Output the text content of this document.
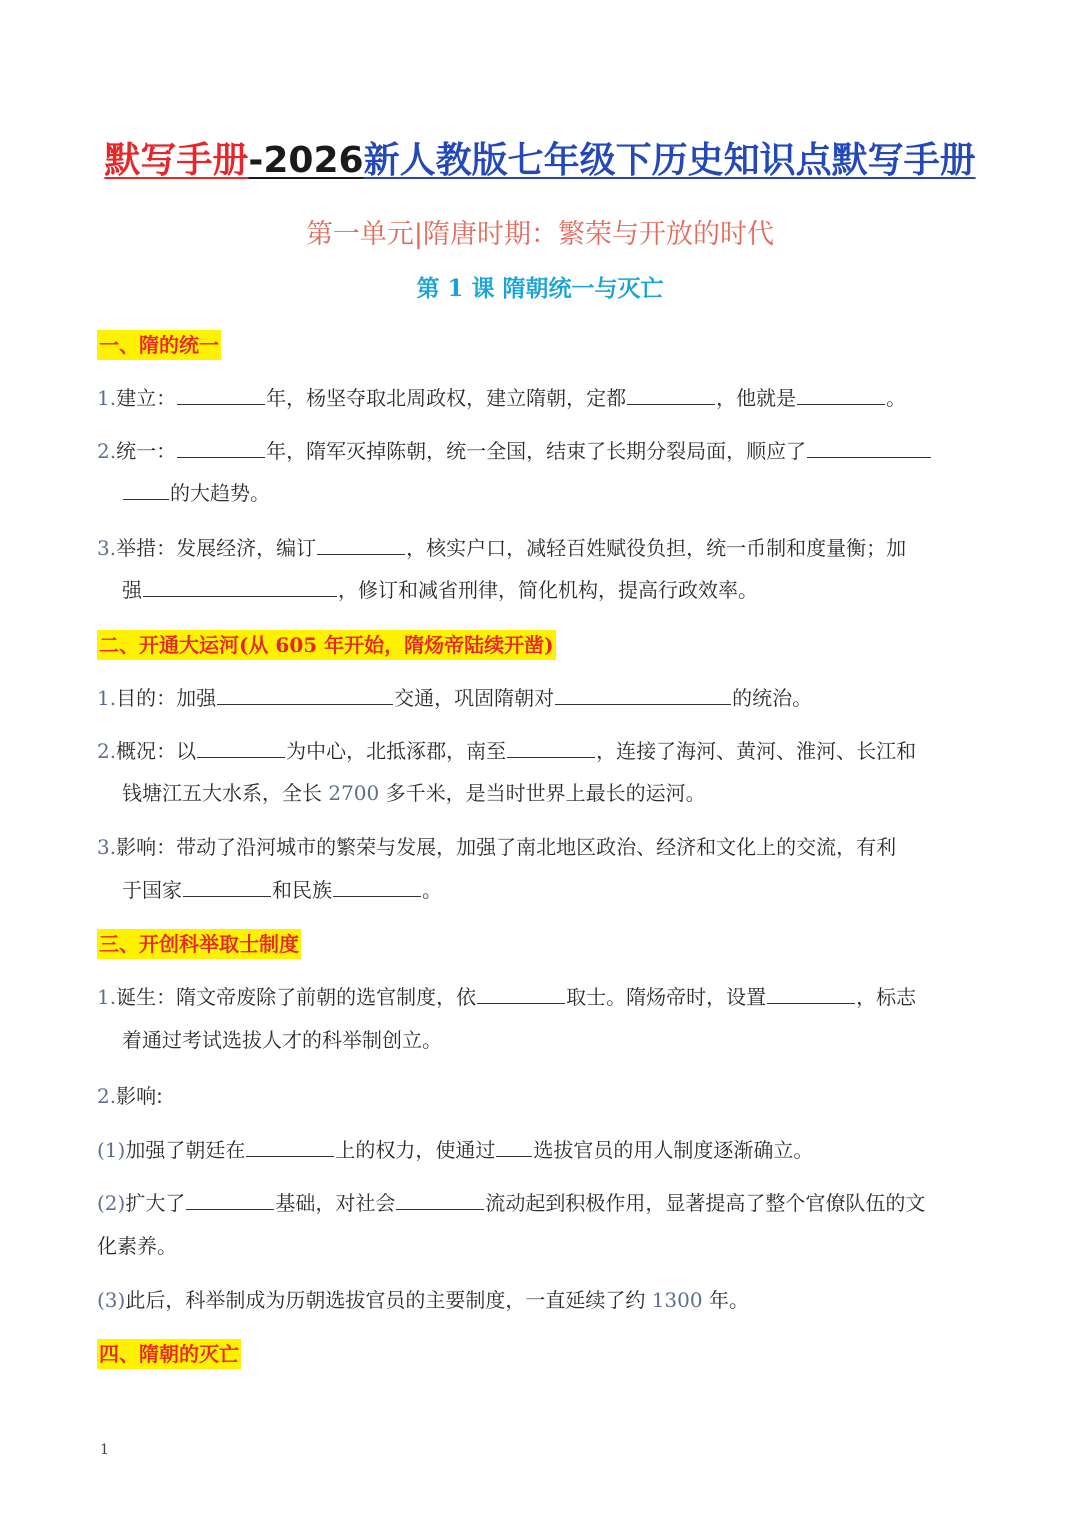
默写手册-2026新人教版七年级下历史知识点默写手册
第一单元|隋唐时期：繁荣与开放的时代
第 1 课 隋朝统一与灭亡
一、隋的统一
1.建立：	年，杨坚夺取北周政权，建立隋朝，定都	，他就是	。
2.统一：	年，隋军灭掉陈朝，统一全国，结束了长期分裂局面，顺应了
的大趋势。
3.举措：发展经济，编订	，核实户口，减轻百姓赋役负担，统一币制和度量衡；加
强	，修订和减省刑律，简化机构，提高行政效率。
二、开通大运河(从 605 年开始，隋炀帝陆续开凿)
1.目的：加强	交通，巩固隋朝对	的统治。
2.概况：以	为中心，北抵涿郡，南至	，连接了海河、黄河、淮河、长江和
钱塘江五大水系，全长 2700 多千米，是当时世界上最长的运河。
3.影响：带动了沿河城市的繁荣与发展，加强了南北地区政治、经济和文化上的交流，有利
于国家	和民族	。
三、开创科举取士制度
1.诞生：隋文帝废除了前朝的选官制度，依	取士。隋炀帝时，设置	，标志
着通过考试选拔人才的科举制创立。
2.影响:
(1)加强了朝廷在	上的权力，使通过 选拔官员的用人制度逐渐确立。
(2)扩大了	基础，对社会	流动起到积极作用，显著提高了整个官僚队伍的文
化素养。
(3)此后，科举制成为历朝选拔官员的主要制度，一直延续了约 1300 年。
四、隋朝的灭亡
1
